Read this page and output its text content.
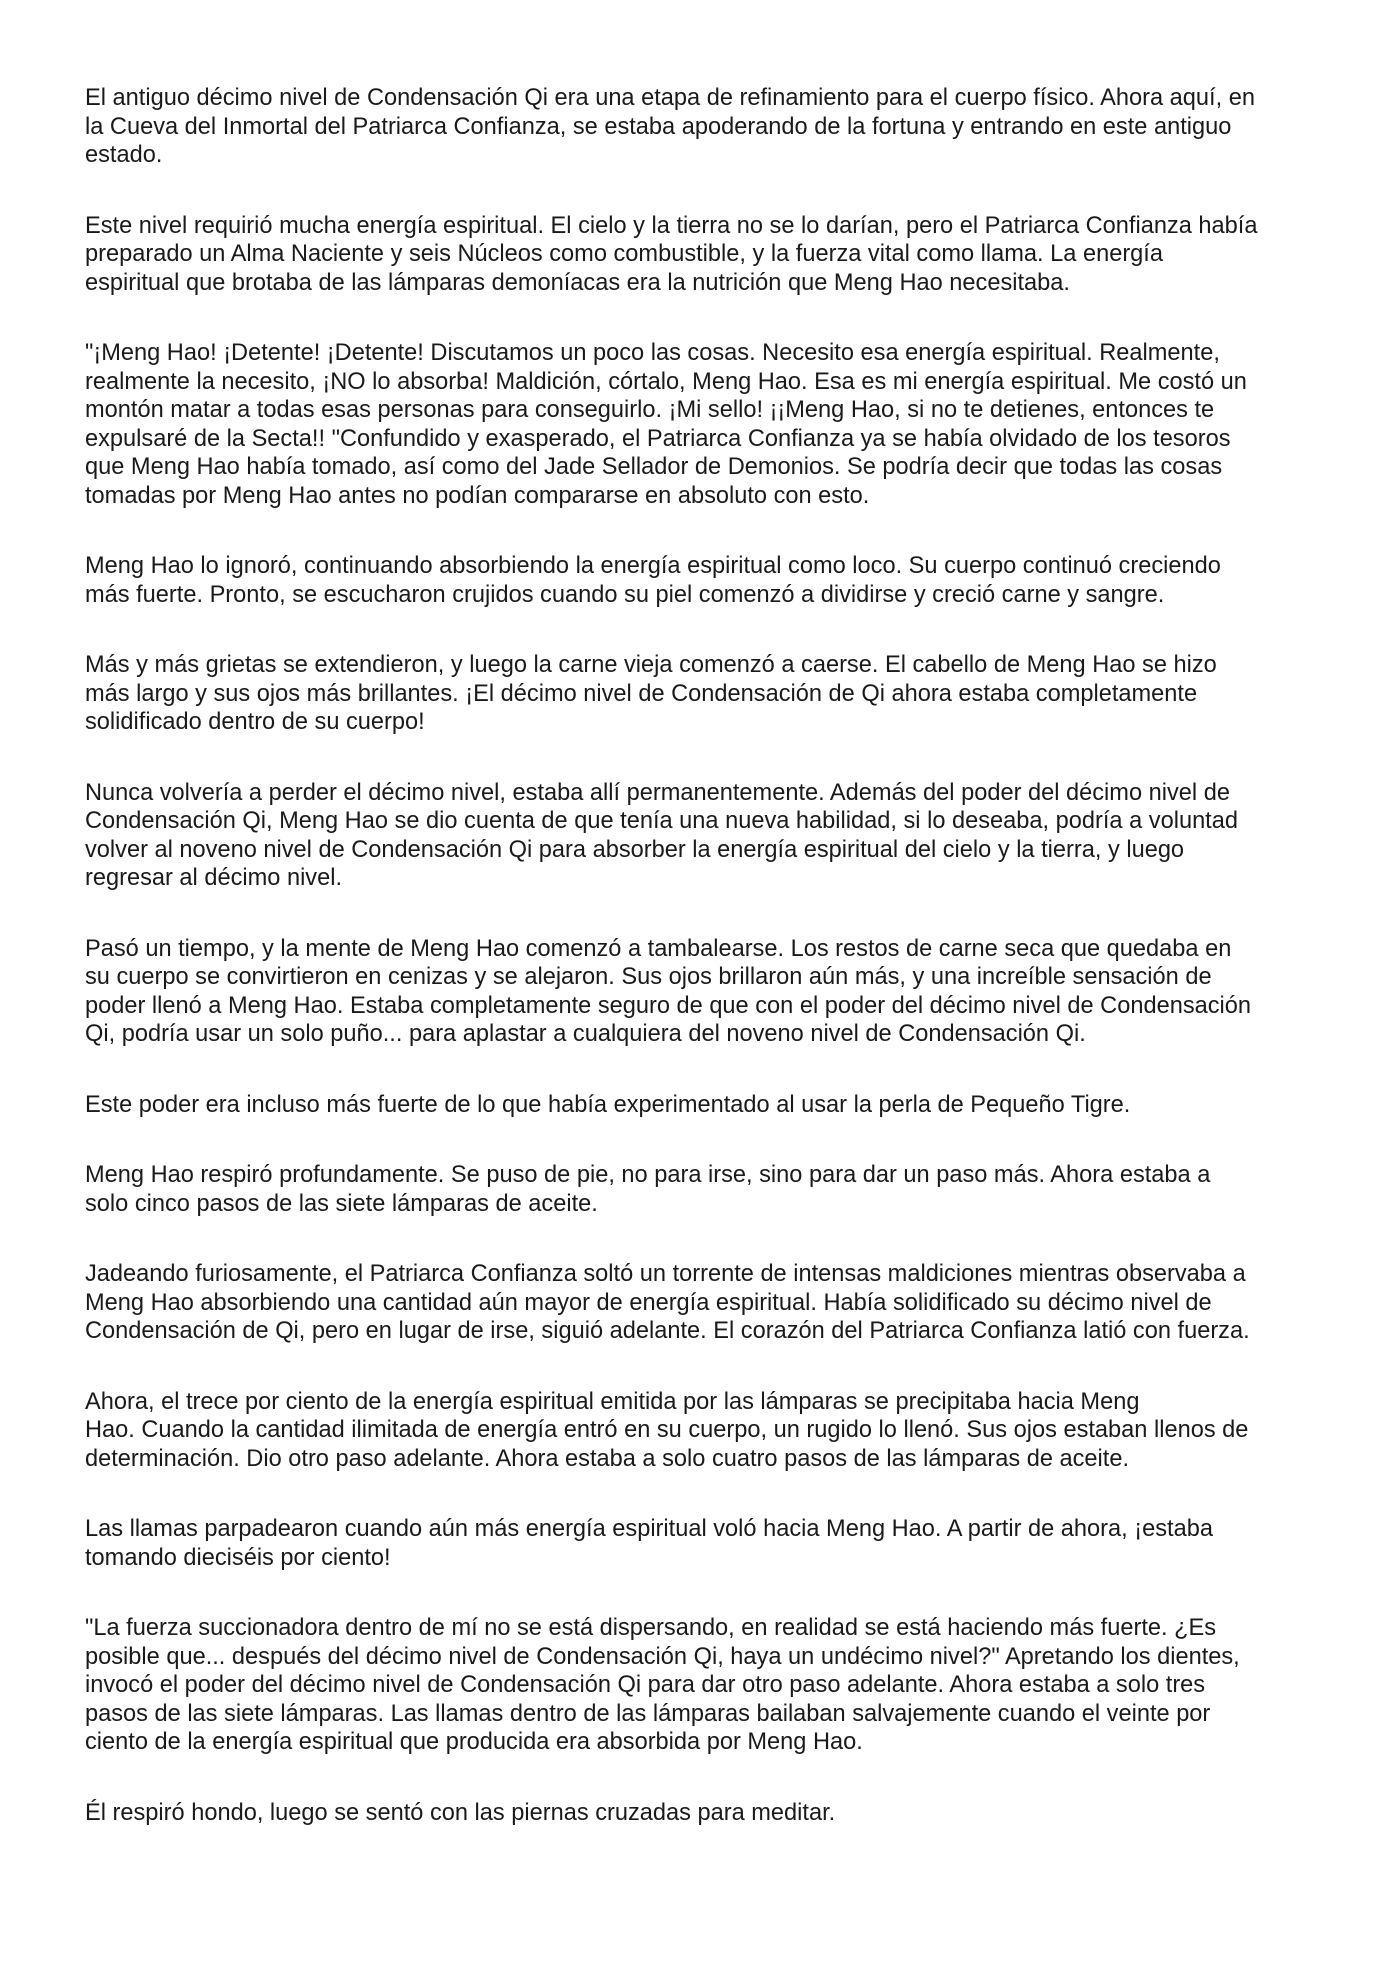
El antiguo décimo nivel de Condensación Qi era una etapa de refinamiento para el cuerpo físico. Ahora aquí, en
la Cueva del Inmortal del Patriarca Confianza, se estaba apoderando de la fortuna y entrando en este antiguo
estado.

Este nivel requirió mucha energía espiritual. El cielo y la tierra no se lo darían, pero el Patriarca Confianza había
preparado un Alma Naciente y seis Núcleos como combustible, y la fuerza vital como llama. La energía
espiritual que brotaba de las lámparas demoníacas era la nutrición que Meng Hao necesitaba.

"¡Meng Hao! ¡Detente! ¡Detente! Discutamos un poco las cosas. Necesito esa energía espiritual. Realmente,
realmente la necesito, ¡NO lo absorba! Maldición, córtalo, Meng Hao. Esa es mi energía espiritual. Me costó un
montón matar a todas esas personas para conseguirlo. ¡Mi sello! ¡¡Meng Hao, si no te detienes, entonces te
expulsaré de la Secta!! "Confundido y exasperado, el Patriarca Confianza ya se había olvidado de los tesoros
que Meng Hao había tomado, así como del Jade Sellador de Demonios. Se podría decir que todas las cosas
tomadas por Meng Hao antes no podían compararse en absoluto con esto.

Meng Hao lo ignoró, continuando absorbiendo la energía espiritual como loco. Su cuerpo continuó creciendo
más fuerte. Pronto, se escucharon crujidos cuando su piel comenzó a dividirse y creció carne y sangre.

Más y más grietas se extendieron, y luego la carne vieja comenzó a caerse. El cabello de Meng Hao se hizo
más largo y sus ojos más brillantes. ¡El décimo nivel de Condensación de Qi ahora estaba completamente
solidificado dentro de su cuerpo!

Nunca volvería a perder el décimo nivel, estaba allí permanentemente. Además del poder del décimo nivel de
Condensación Qi, Meng Hao se dio cuenta de que tenía una nueva habilidad, si lo deseaba, podría a voluntad
volver al noveno nivel de Condensación Qi para absorber la energía espiritual del cielo y la tierra, y luego
regresar al décimo nivel.

Pasó un tiempo, y la mente de Meng Hao comenzó a tambalearse. Los restos de carne seca que quedaba en
su cuerpo se convirtieron en cenizas y se alejaron. Sus ojos brillaron aún más, y una increíble sensación de
poder llenó a Meng Hao. Estaba completamente seguro de que con el poder del décimo nivel de Condensación
Qi, podría usar un solo puño... para aplastar a cualquiera del noveno nivel de Condensación Qi.

Este poder era incluso más fuerte de lo que había experimentado al usar la perla de Pequeño Tigre.

Meng Hao respiró profundamente. Se puso de pie, no para irse, sino para dar un paso más. Ahora estaba a
solo cinco pasos de las siete lámparas de aceite.

Jadeando furiosamente, el Patriarca Confianza soltó un torrente de intensas maldiciones mientras observaba a
Meng Hao absorbiendo una cantidad aún mayor de energía espiritual. Había solidificado su décimo nivel de
Condensación de Qi, pero en lugar de irse, siguió adelante. El corazón del Patriarca Confianza latió con fuerza.

Ahora, el trece por ciento de la energía espiritual emitida por las lámparas se precipitaba hacia Meng
Hao. Cuando la cantidad ilimitada de energía entró en su cuerpo, un rugido lo llenó. Sus ojos estaban llenos de
determinación. Dio otro paso adelante. Ahora estaba a solo cuatro pasos de las lámparas de aceite.

Las llamas parpadearon cuando aún más energía espiritual voló hacia Meng Hao. A partir de ahora, ¡estaba
tomando dieciséis por ciento!

"La fuerza succionadora dentro de mí no se está dispersando, en realidad se está haciendo más fuerte. ¿Es
posible que... después del décimo nivel de Condensación Qi, haya un undécimo nivel?" Apretando los dientes,
invocó el poder del décimo nivel de Condensación Qi para dar otro paso adelante. Ahora estaba a solo tres
pasos de las siete lámparas. Las llamas dentro de las lámparas bailaban salvajemente cuando el veinte por
ciento de la energía espiritual que producida era absorbida por Meng Hao.

Él respiró hondo, luego se sentó con las piernas cruzadas para meditar.
